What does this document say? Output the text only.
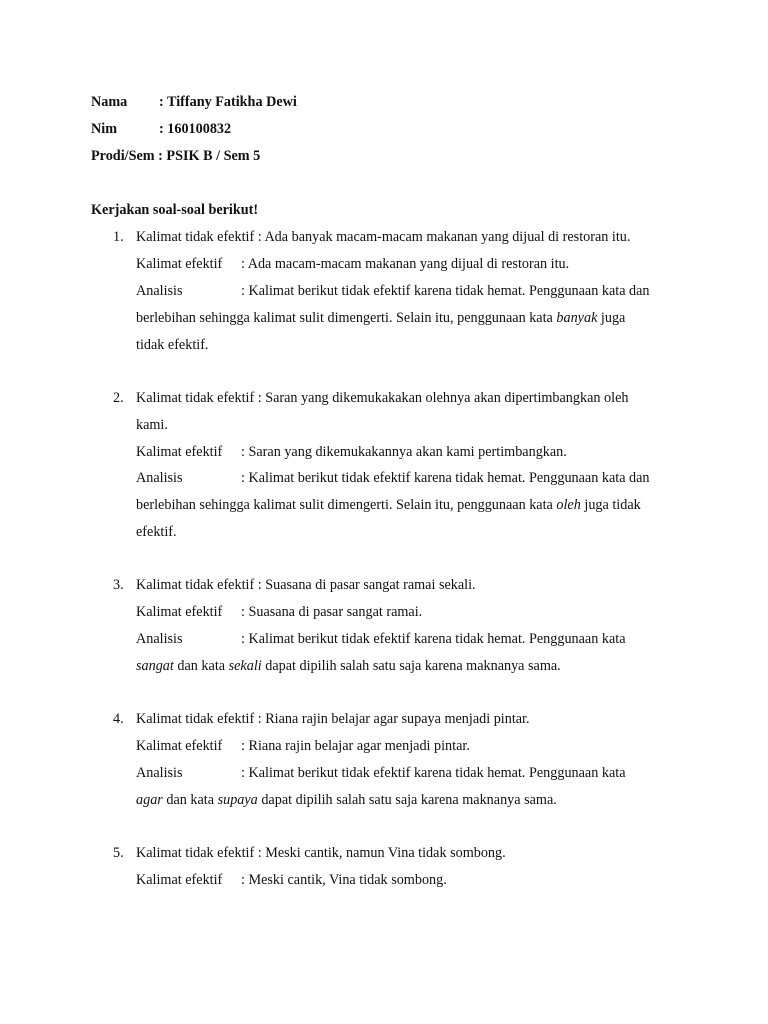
Nama : Tiffany Fatikha Dewi
Nim	: 160100832
Prodi/Sem : PSIK B / Sem 5
Kerjakan soal-soal berikut!
1. Kalimat tidak efektif : Ada banyak macam-macam makanan yang dijual di restoran itu.
Kalimat efektif : Ada macam-macam makanan yang dijual di restoran itu.
Analisis	: Kalimat berikut tidak efektif karena tidak hemat. Penggunaan kata dan
berlebihan sehingga kalimat sulit dimengerti. Selain itu, penggunaan kata banyak juga
tidak efektif.
2. Kalimat tidak efektif : Saran yang dikemukakakan olehnya akan dipertimbangkan oleh
kami.
Kalimat efektif : Saran yang dikemukakannya akan kami pertimbangkan.
Analisis	: Kalimat berikut tidak efektif karena tidak hemat. Penggunaan kata dan
berlebihan sehingga kalimat sulit dimengerti. Selain itu, penggunaan kata oleh juga tidak
efektif.
3. Kalimat tidak efektif : Suasana di pasar sangat ramai sekali.
Kalimat efektif : Suasana di pasar sangat ramai.
Analisis	: Kalimat berikut tidak efektif karena tidak hemat. Penggunaan kata
sangat dan kata sekali dapat dipilih salah satu saja karena maknanya sama.
4. Kalimat tidak efektif : Riana rajin belajar agar supaya menjadi pintar.
Kalimat efektif : Riana rajin belajar agar menjadi pintar.
Analisis	: Kalimat berikut tidak efektif karena tidak hemat. Penggunaan kata
agar dan kata supaya dapat dipilih salah satu saja karena maknanya sama.
5. Kalimat tidak efektif : Meski cantik, namun Vina tidak sombong.
Kalimat efektif : Meski cantik, Vina tidak sombong.
